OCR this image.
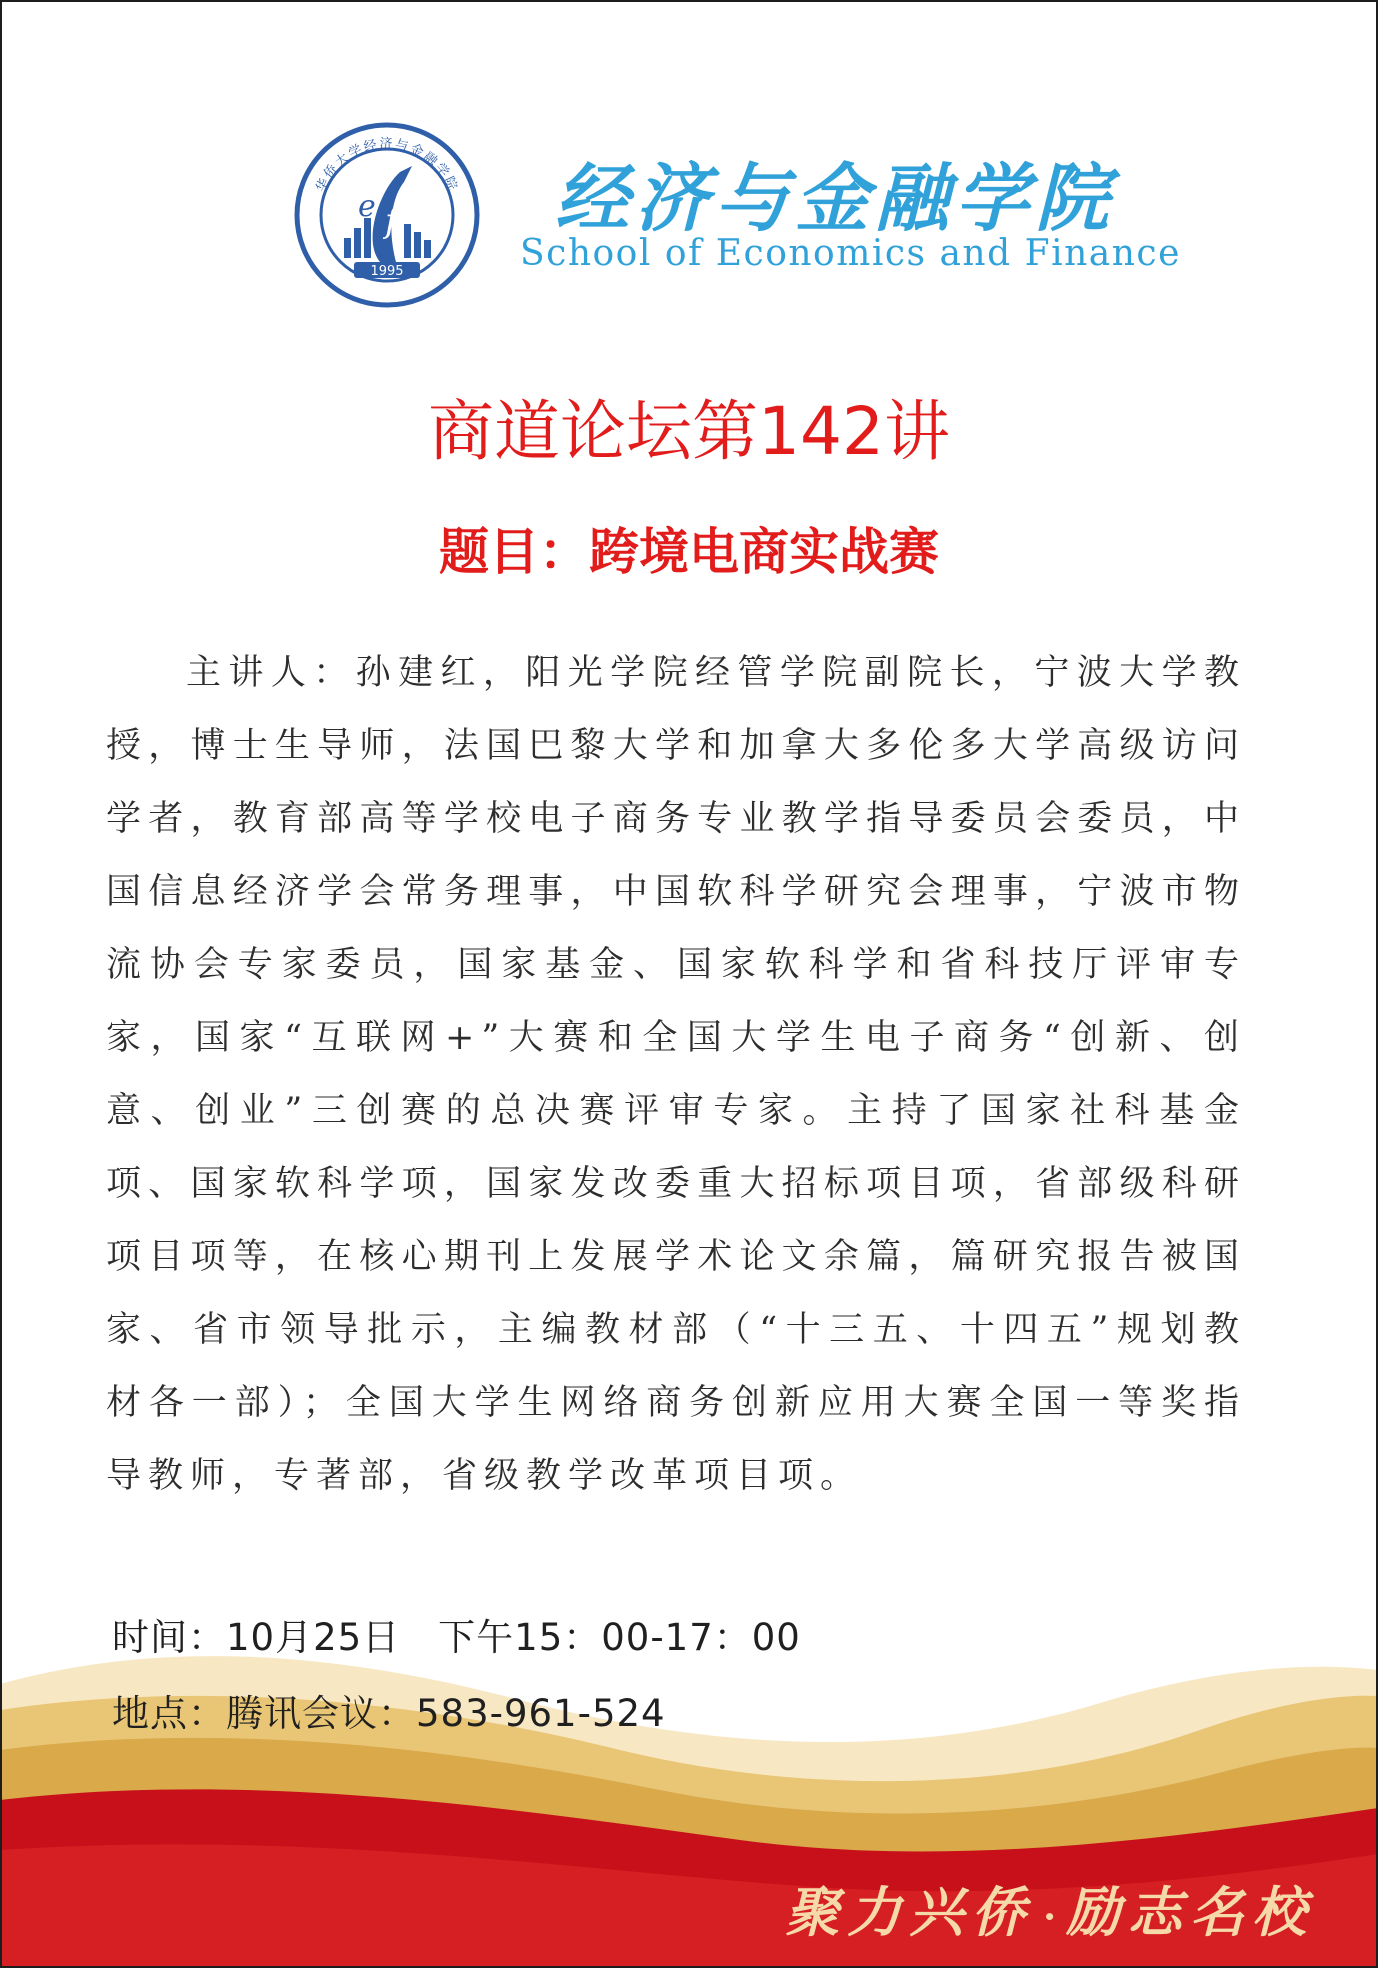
华侨大学经济与金融学院
f
e
1995
经济与金融学院
School of Economics and Finance
商道论坛第142讲
题目：跨境电商实战赛

主讲人：孙建红，阳光学院经管学院副院长，宁波大学教授，博士生导师，法国巴黎大学和加拿大多伦多大学高级访问学者，教育部高等学校电子商务专业教学指导委员会委员，中国信息经济学会常务理事，中国软科学研究会理事，宁波市物流协会专家委员，国家基金、国家软科学和省科技厅评审专家，国家“互联网+”大赛和全国大学生电子商务“创新、创意、创业”三创赛的总决赛评审专家。主持了国家社科基金项、国家软科学项，国家发改委重大招标项目项，省部级科研项目项等，在核心期刊上发展学术论文余篇，篇研究报告被国家、省市领导批示，主编教材部（“十三五、十四五”规划教材各一部）；全国大学生网络商务创新应用大赛全国一等奖指导教师，专著部，省级教学改革项目项。

时间：10月25日 下午15：00-17：00
地点：腾讯会议：583-961-524
聚力兴侨 • 励志名校
